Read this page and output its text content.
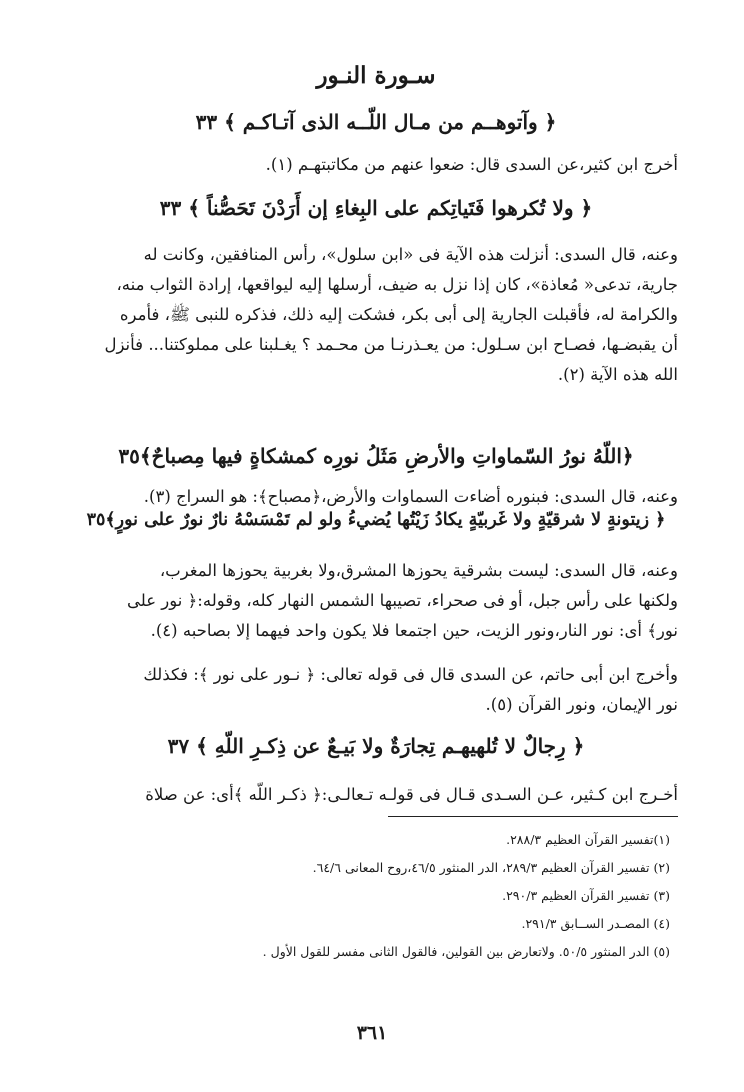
سـورة النـور
﴿ وآتوهــم من مـال اللّــه الذى آتـاكـم ﴾ ٣٣
أخرج ابن كثير،عن السدى قال: ضعوا عنهم من مكاتبتهـم (١).
﴿ ولا تُكرهوا فَتَياتِكم على البِغاءِ إن أَرَدْنَ تَحَصُّناً ﴾ ٣٣
وعنه، قال السدى: أنزلت هذه الآية فى «ابن سلول»، رأس المنافقين، وكانت له
جارية، تدعى« مُعاذة»، كان إذا نزل به ضيف، أرسلها إليه ليواقعها، إرادة الثواب منه،
والكرامة له، فأقبلت الجارية إلى أبى بكر، فشكت إليه ذلك، فذكره للنبى ﷺ، فأمره
أن يقبضـها، فصـاح ابن سـلول: من يعـذرنـا من محـمد ؟ يغـلبنا على مملوكتنا... فأنزل
الله هذه الآية (٢).
﴿اللّهُ نورُ السّماواتِ والأرضِ مَثَلُ نورِه كمشكاةٍ فيها مِصباحٌ﴾٣٥
وعنه، قال السدى: فبنوره أضاءت السماوات والأرض،﴿مصباح﴾: هو السراج (٣).
﴿ زيتونةٍ لا شرقيّةٍ ولا غَربيّةٍ يكادُ زَيْتُها يُضيءُ ولو لم تَمْسَسْهُ نارٌ نورٌ على نورٍ﴾٣٥
وعنه، قال السدى: ليست بشرقية يحوزها المشرق،ولا بغربية يحوزها المغرب،
ولكنها على رأس جبل، أو فى صحراء، تصيبها الشمس النهار كله، وقوله:﴿ نور على
نور﴾ أى: نور النار،ونور الزيت، حين اجتمعا فلا يكون واحد فيهما إلا بصاحبه (٤).
وأخرج ابن أبى حاتم، عن السدى قال فى قوله تعالى: ﴿ نـور على نور ﴾: فكذلك
نور الإيمان، ونور القرآن (٥).
﴿ رِجالٌ لا تُلهيهـم تِجارَةٌ ولا بَيـعٌ عن ذِكـرِ اللّهِ ﴾ ٣٧
أخـرج ابن كـثير، عـن السـدى قـال فى قولـه تـعالـى:﴿ ذكـر اللّه ﴾أى: عن صلاة
(١)تفسير القرآن العظيم ٢٨٨/٣.
(٢) تفسير القرآن العظيم ٢٨٩/٣، الدر المنثور ٤٦/٥،روح المعانى ٦٤/٦.
(٣) تفسير القرآن العظيم ٢٩٠/٣.
(٤) المصـدر الســابق ٢٩١/٣.
(٥) الدر المنثور ٥٠/٥. ولاتعارض بين القولين، فالقول الثانى مفسر للقول الأول .
٣٦١
